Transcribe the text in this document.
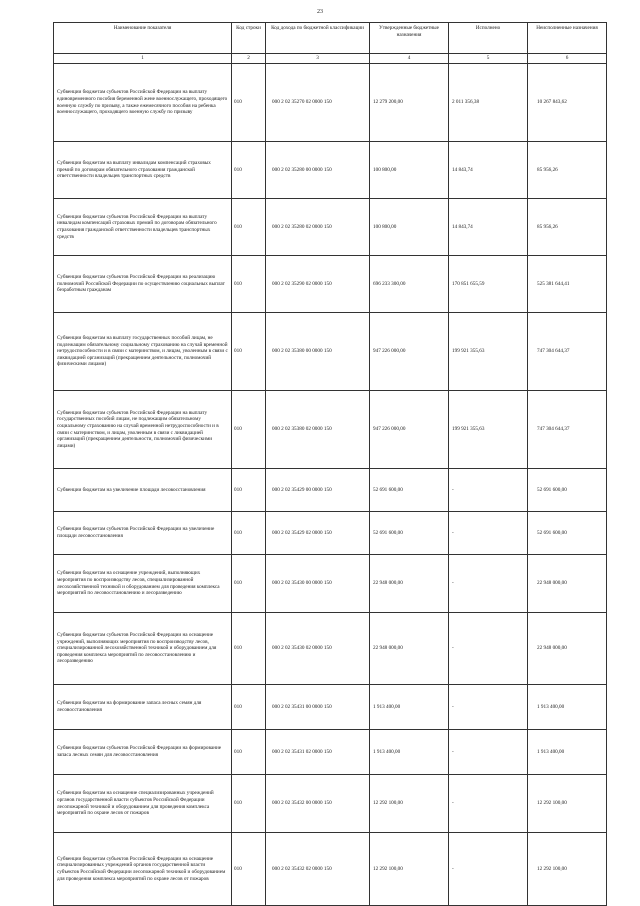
23
Наименование показателя	Код строки	Код дохода по бюджетной классификации	Утвержденные бюджетные назначения	Исполнено	Неисполненные назначения
1	2	3	4	5	6
Субвенции бюджетам субъектов Российской Федерации на выплату единовременного пособия беременной жене военнослужащего, проходящего военную службу по призыву, а также ежемесячного пособия на ребенка военнослужащего, проходящего военную службу по призыву	010	000 2 02 35270 02 0000 150	12 279 200,00	2 011 356,38	10 267 843,62
Субвенции бюджетам на выплату инвалидам компенсаций страховых премий по договорам обязательного страхования гражданской ответственности владельцев транспортных средств	010	000 2 02 35280 00 0000 150	100 800,00	14 843,74	85 956,26
Субвенции бюджетам субъектов Российской Федерации на выплату инвалидам компенсаций страховых премий по договорам обязательного страхования гражданской ответственности владельцев транспортных средств	010	000 2 02 35280 02 0000 150	100 800,00	14 843,74	85 956,26
Субвенции бюджетам субъектов Российской Федерации на реализацию полномочий Российской Федерации по осуществлению социальных выплат безработным гражданам	010	000 2 02 35290 02 0000 150	696 233 300,00	170 851 655,59	525 381 644,41
Субвенции бюджетам на выплату государственных пособий лицам, не подлежащим обязательному социальному страхованию на случай временной нетрудоспособности и в связи с материнством, и лицам, уволенным в связи с ликвидацией организаций (прекращением деятельности, полномочий физическими лицами)	010	000 2 02 35380 00 0000 150	947 226 000,00	199 921 355,63	747 304 644,37
Субвенции бюджетам субъектов Российской Федерации на выплату государственных пособий лицам, не подлежащим обязательному социальному страхованию на случай временной нетрудоспособности и в связи с материнством, и лицам, уволенным в связи с ликвидацией организаций (прекращением деятельности, полномочий физическими лицами)	010	000 2 02 35380 02 0000 150	947 226 000,00	199 921 355,63	747 304 644,37
Субвенции бюджетам на увеличение площади лесовосстановления	010	000 2 02 35429 00 0000 150	52 691 600,00	-	52 691 600,00
Субвенции бюджетам субъектов Российской Федерации на увеличение площади лесовосстановления	010	000 2 02 35429 02 0000 150	52 691 600,00	-	52 691 600,00
Субвенции бюджетам на оснащение учреждений, выполняющих мероприятия по воспроизводству лесов, специализированной лесохозяйственной техникой и оборудованием для проведения комплекса мероприятий по лесовосстановлению и лесоразведению	010	000 2 02 35430 00 0000 150	22 948 000,00	-	22 948 000,00
Субвенции бюджетам субъектов Российской Федерации на оснащение учреждений, выполняющих мероприятия по воспроизводству лесов, специализированной лесохозяйственной техникой и оборудованием для проведения комплекса мероприятий по лесовосстановлению и лесоразведению	010	000 2 02 35430 02 0000 150	22 948 000,00	-	22 948 000,00
Субвенции бюджетам на формирование запаса лесных семян для лесовосстановления	010	000 2 02 35431 00 0000 150	1 913 400,00	-	1 913 400,00
Субвенции бюджетам субъектов Российской Федерации на формирование запаса лесных семян для лесовосстановления	010	000 2 02 35431 02 0000 150	1 913 400,00	-	1 913 400,00
Субвенции бюджетам на оснащение специализированных учреждений органов государственной власти субъектов Российской Федерации лесопожарной техникой и оборудованием для проведения комплекса мероприятий по охране лесов от пожаров	010	000 2 02 35432 00 0000 150	12 292 100,00	-	12 292 100,00
Субвенции бюджетам субъектов Российской Федерации на оснащение специализированных учреждений органов государственной власти субъектов Российской Федерации лесопожарной техникой и оборудованием для проведения комплекса мероприятий по охране лесов от пожаров	010	000 2 02 35432 02 0000 150	12 292 100,00	-	12 292 100,00
